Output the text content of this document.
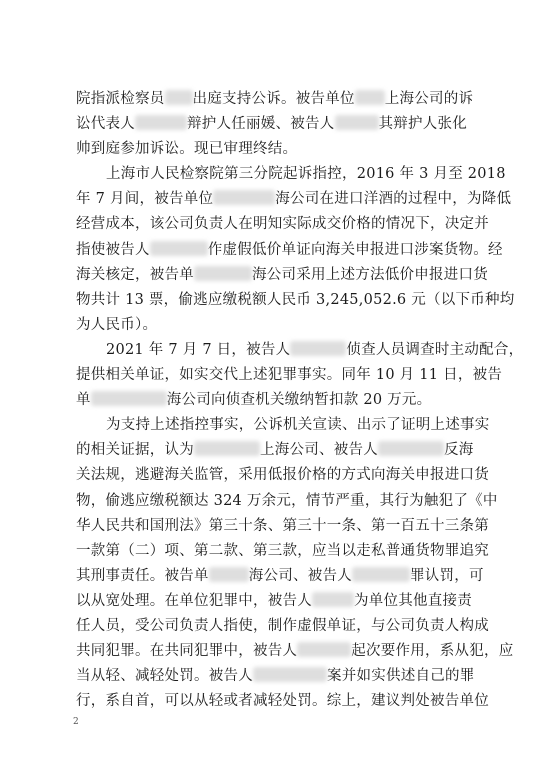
院指派检察员 出庭支持公诉。被告单位 上海公司的诉
讼代表人	辩护人任丽媛、被告人	其辩护人张化
帅到庭参加诉讼。现已审理终结。
上海市人民检察院第三分院起诉指控，2016 年 3 月至 2018
年 7 月间，被告单位	海公司在进口洋酒的过程中，为降低
经营成本，该公司负责人在明知实际成交价格的情况下，决定并
指使被告人	作虚假低价单证向海关申报进口涉案货物。经
海关核定，被告单	海公司采用上述方法低价申报进口货
物共计 13 票，偷逃应缴税额人民币 3,245,052.6 元（以下币种均
为人民币）。
2021 年 7 月 7 日，被告人	侦查人员调查时主动配合，
提供相关单证，如实交代上述犯罪事实。同年 10 月 11 日，被告
单	海公司向侦查机关缴纳暂扣款 20 万元。
为支持上述指控事实，公诉机关宣读、出示了证明上述事实
的相关证据，认为	上海公司、被告人	反海
关法规，逃避海关监管，采用低报价格的方式向海关申报进口货
物，偷逃应缴税额达 324 万余元，情节严重，其行为触犯了《中
华人民共和国刑法》第三十条、第三十一条、第一百五十三条第
一款第（二）项、第二款、第三款，应当以走私普通货物罪追究
其刑事责任。被告单	海公司、被告人	罪认罚，可
以从宽处理。在单位犯罪中，被告人	为单位其他直接责
任人员，受公司负责人指使，制作虚假单证，与公司负责人构成
共同犯罪。在共同犯罪中，被告人	起次要作用，系从犯，应
当从轻、减轻处罚。被告人	案并如实供述自己的罪
行，系自首，可以从轻或者减轻处罚。综上，建议判处被告单位
2
